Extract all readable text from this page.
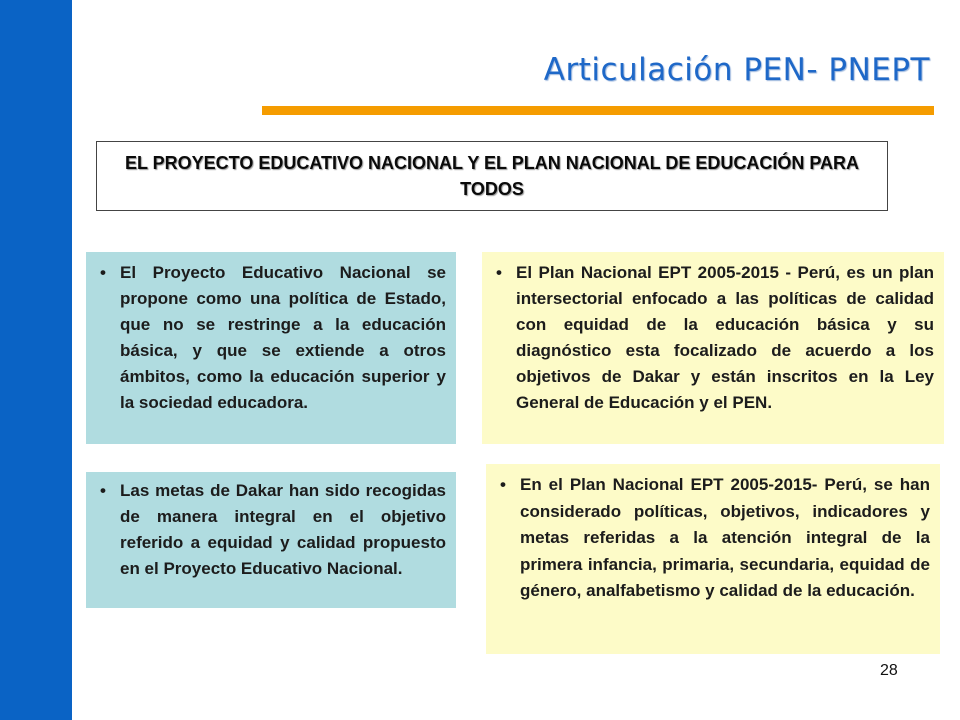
Articulación PEN- PNEPT
EL PROYECTO EDUCATIVO NACIONAL Y EL PLAN NACIONAL DE EDUCACIÓN PARA TODOS
• El Proyecto Educativo Nacional se propone como una política de Estado, que no se restringe a la educación básica, y que se extiende a otros ámbitos, como la educación superior y la sociedad educadora.
• El Plan Nacional EPT 2005-2015 - Perú, es un plan intersectorial enfocado a las políticas de calidad con equidad de la educación básica y su diagnóstico esta focalizado de acuerdo a los objetivos de Dakar y están inscritos en la Ley General de Educación y el PEN.
• Las metas de Dakar han sido recogidas de manera integral en el objetivo referido a equidad y calidad propuesto en el Proyecto Educativo Nacional.
• En el Plan Nacional EPT 2005-2015- Perú, se han considerado políticas, objetivos, indicadores y metas referidas a la atención integral de la primera infancia, primaria, secundaria, equidad de género, analfabetismo y calidad de la educación.
28
